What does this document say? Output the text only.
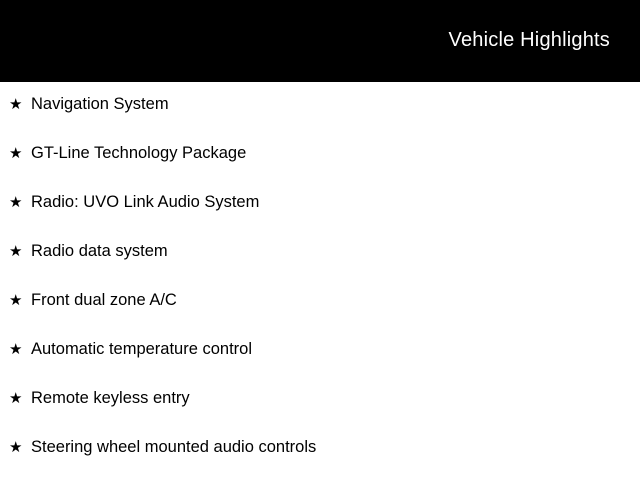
Vehicle Highlights
★ Navigation System
★ GT-Line Technology Package
★ Radio: UVO Link Audio System
★ Radio data system
★ Front dual zone A/C
★ Automatic temperature control
★ Remote keyless entry
★ Steering wheel mounted audio controls
